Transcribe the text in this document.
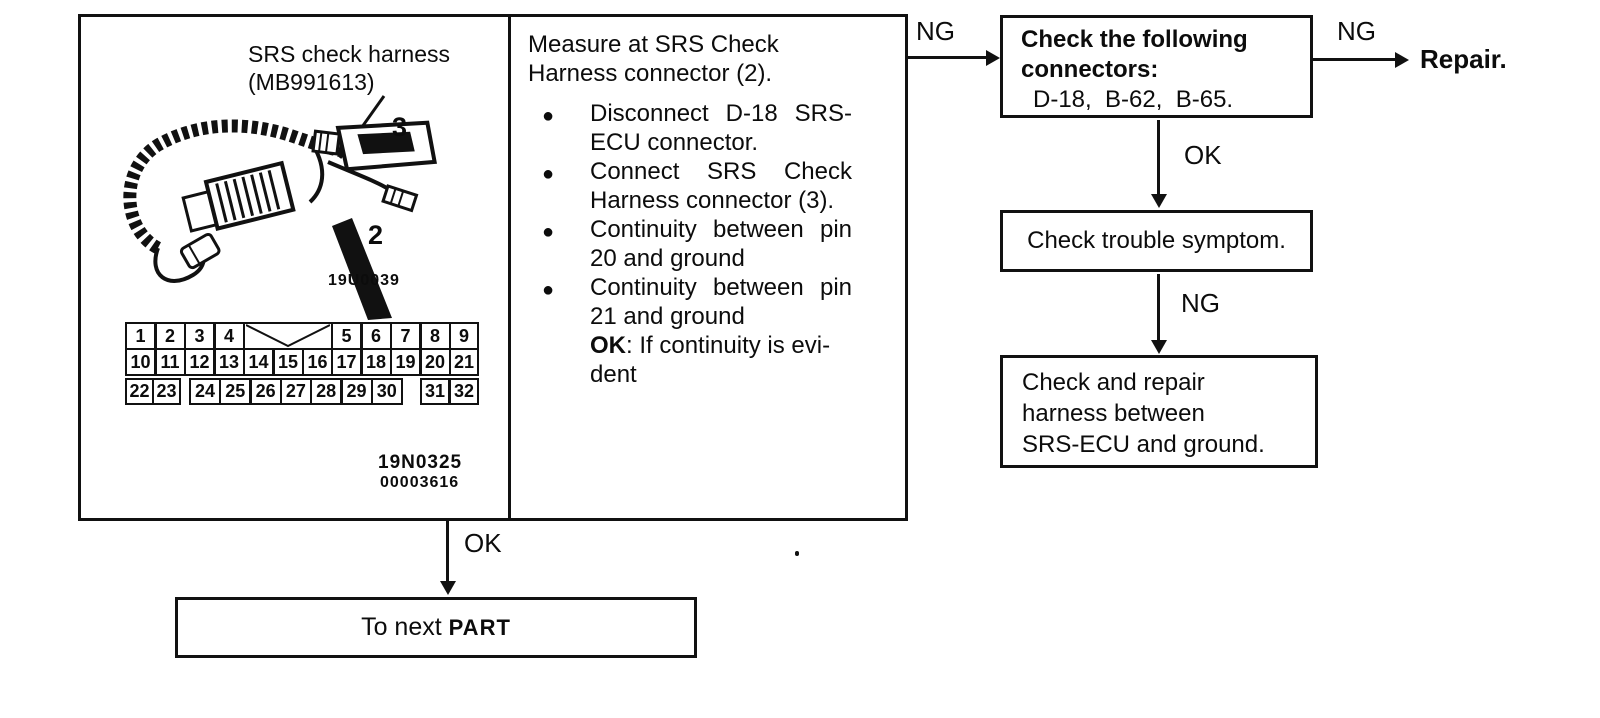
SRS check harness
(MB991613)
3
2
19U0039
1	2	3	4	5	6	7	8	9
10 11 12 13 14 15 16 17 18 19 20 21
22 23	24 25 26 27 28 29 30	31 32
19N0325
00003616
Measure at SRS Check Harness connector (2).
● Disconnect D-18 SRS-ECU connector.
● Connect SRS Check Harness connector (3).
● Continuity between pin 20 and ground
● Continuity between pin 21 and ground
OK: If continuity is evi-
dent
NG	Check the following
connectors:
D-18,  B-62,  B-65.
NG
Repair.
OK
Check trouble symptom.
NG
Check and repair
harness between
SRS-ECU and ground.
OK
To next PART
